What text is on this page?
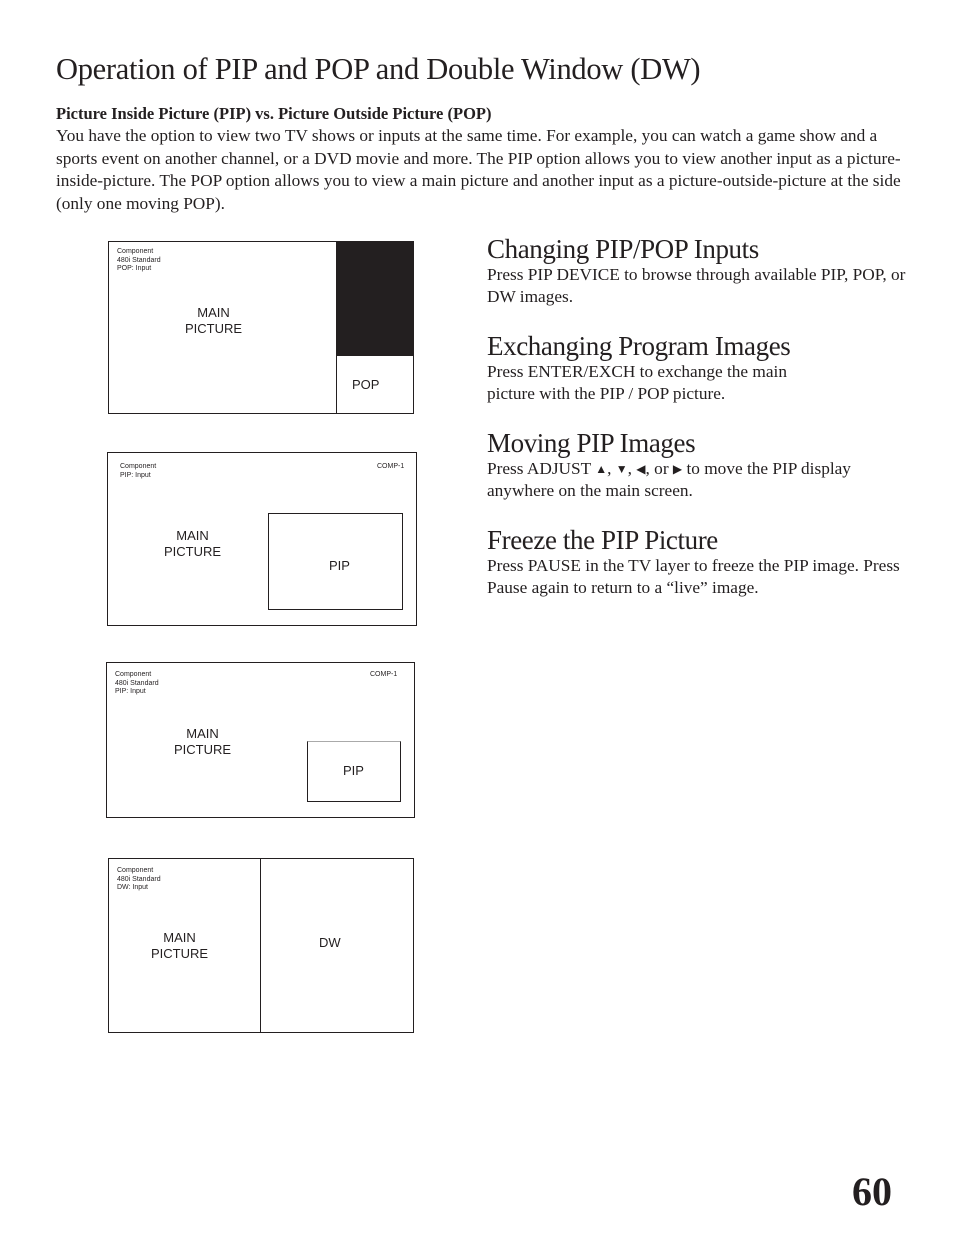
Operation of PIP and POP and Double Window (DW)
Picture Inside Picture (PIP) vs. Picture Outside Picture (POP)
You have the option to view two TV shows or inputs at the same time. For example, you can watch a game show and a sports event on another channel, or a DVD movie and more. The PIP option allows you to view another input as a picture-inside-picture. The POP option allows you to view a main picture and another input as a picture-outside-picture at the side (only one moving POP).
Component
480i Standard
POP: Input
MAIN
PICTURE
POP
Component
PIP: Input
COMP-1
MAIN
PICTURE
PIP
Component
480i Standard
PIP: Input
COMP-1
MAIN
PICTURE
PIP
Component
480i Standard
DW: Input
MAIN
PICTURE
DW
Changing PIP/POP Inputs

Press PIP DEVICE to browse through available PIP, POP, or DW images.

Exchanging Program Images

Press ENTER/EXCH to exchange the main picture with the PIP / POP picture.

Moving PIP Images

Press ADJUST ▲, ▼, ◀, or ▶ to move the PIP display anywhere on the main screen.

Freeze the PIP Picture

Press PAUSE in the TV layer to freeze the PIP image. Press Pause again to return to a “live” image.

60
